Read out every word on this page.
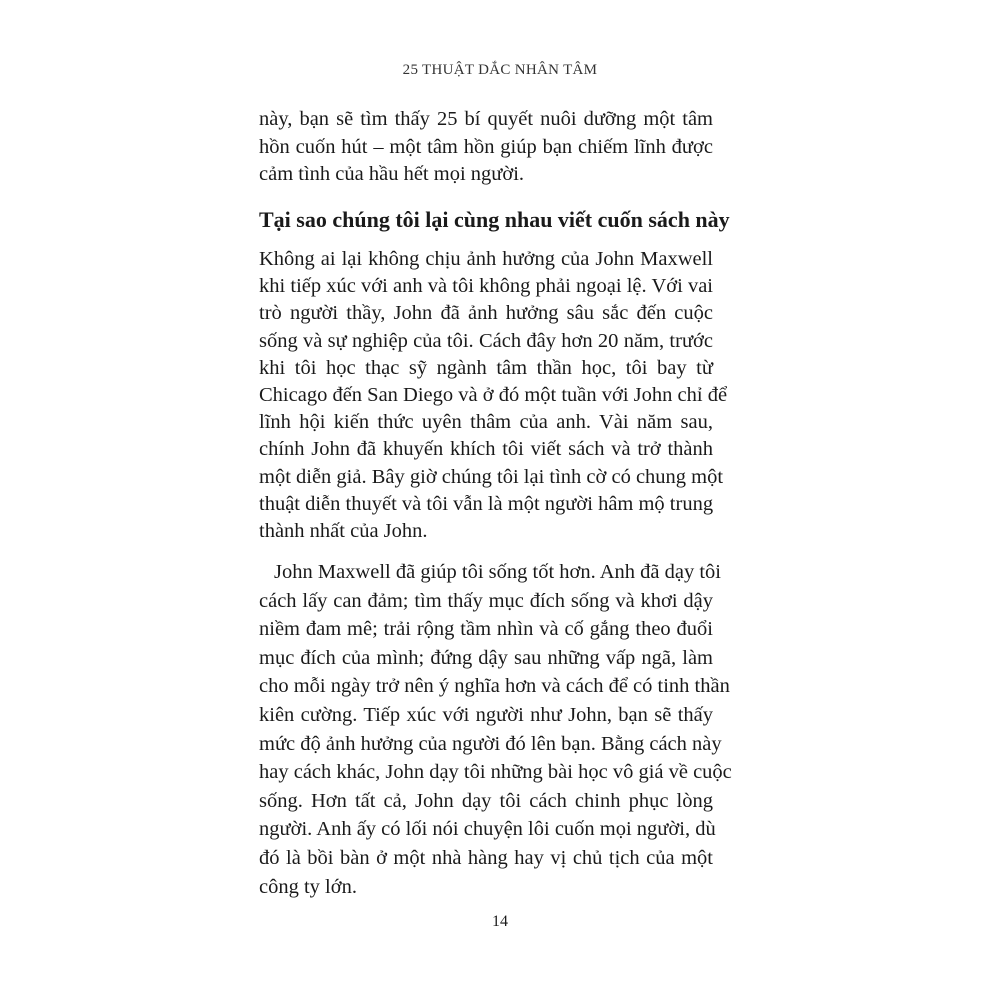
25 THUẬT DẮC NHÂN TÂM
này, bạn sẽ tìm thấy 25 bí quyết nuôi dưỡng một tâm
hồn cuốn hút – một tâm hồn giúp bạn chiếm lĩnh được
cảm tình của hầu hết mọi người.
Tại sao chúng tôi lại cùng nhau viết cuốn sách này
Không ai lại không chịu ảnh hưởng của John Maxwell
khi tiếp xúc với anh và tôi không phải ngoại lệ. Với vai
trò người thầy, John đã ảnh hưởng sâu sắc đến cuộc
sống và sự nghiệp của tôi. Cách đây hơn 20 năm, trước
khi tôi học thạc sỹ ngành tâm thần học, tôi bay từ
Chicago đến San Diego và ở đó một tuần với John chỉ để
lĩnh hội kiến thức uyên thâm của anh. Vài năm sau,
chính John đã khuyến khích tôi viết sách và trở thành
một diễn giả. Bây giờ chúng tôi lại tình cờ có chung một
thuật diễn thuyết và tôi vẫn là một người hâm mộ trung
thành nhất của John.
John Maxwell đã giúp tôi sống tốt hơn. Anh đã dạy tôi
cách lấy can đảm; tìm thấy mục đích sống và khơi dậy
niềm đam mê; trải rộng tầm nhìn và cố gắng theo đuổi
mục đích của mình; đứng dậy sau những vấp ngã, làm
cho mỗi ngày trở nên ý nghĩa hơn và cách để có tinh thần
kiên cường. Tiếp xúc với người như John, bạn sẽ thấy
mức độ ảnh hưởng của người đó lên bạn. Bằng cách này
hay cách khác, John dạy tôi những bài học vô giá về cuộc
sống. Hơn tất cả, John dạy tôi cách chinh phục lòng
người. Anh ấy có lối nói chuyện lôi cuốn mọi người, dù
đó là bồi bàn ở một nhà hàng hay vị chủ tịch của một
công ty lớn.
14
